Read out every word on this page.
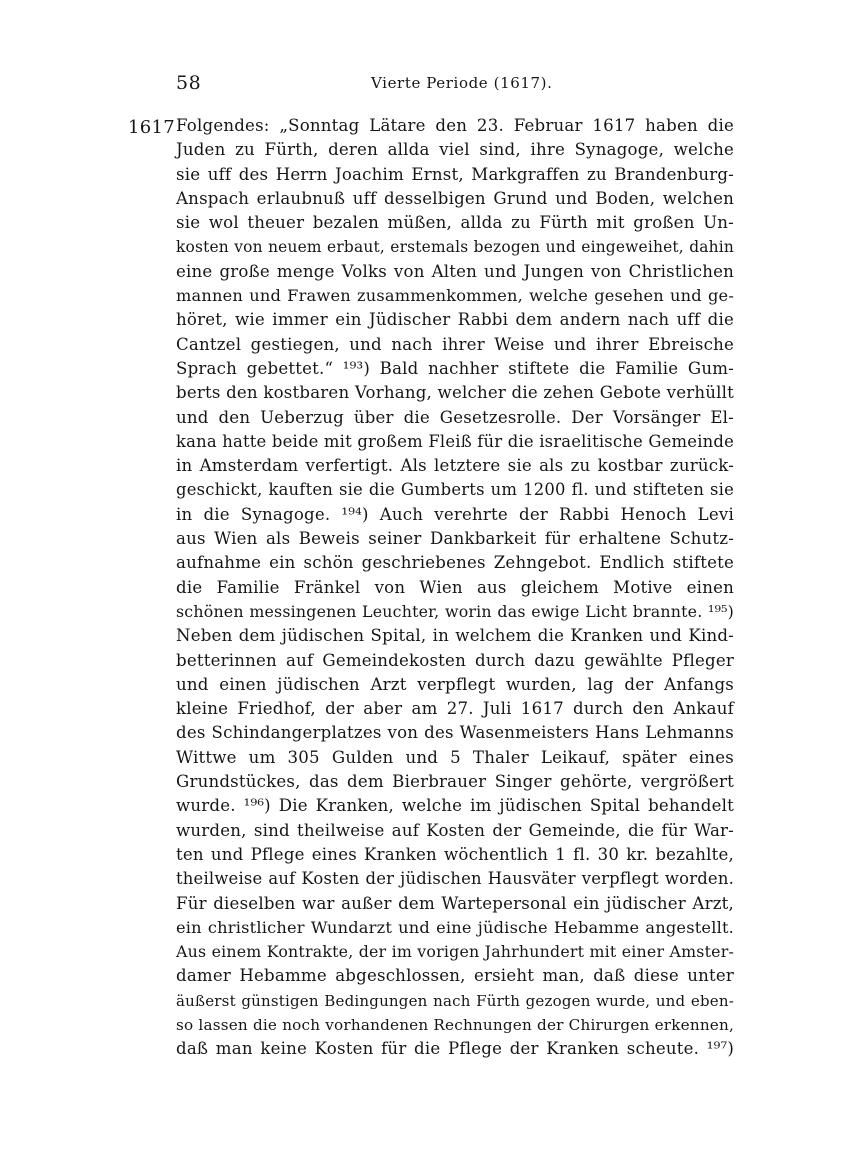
58	Vierte Periode (1617).
1617 Folgendes: „Sonntag Lätare den 23. Februar 1617 haben die
Juden zu Fürth, deren allda viel sind, ihre Synagoge, welche
sie uff des Herrn Joachim Ernst, Markgraffen zu Brandenburg-
Anspach erlaubnuß uff desselbigen Grund und Boden, welchen
sie wol theuer bezalen müßen, allda zu Fürth mit großen Un-
kosten von neuem erbaut, erstemals bezogen und eingeweihet, dahin
eine große menge Volks von Alten und Jungen von Christlichen
mannen und Frawen zusammenkommen, welche gesehen und ge-
höret, wie immer ein Jüdischer Rabbi dem andern nach uff die
Cantzel gestiegen, und nach ihrer Weise und ihrer Ebreische
Sprach gebettet.“ ¹⁹³) Bald nachher stiftete die Familie Gum-
berts den kostbaren Vorhang, welcher die zehen Gebote verhüllt
und den Ueberzug über die Gesetzesrolle. Der Vorsänger El-
kana hatte beide mit großem Fleiß für die israelitische Gemeinde
in Amsterdam verfertigt. Als letztere sie als zu kostbar zurück-
geschickt, kauften sie die Gumberts um 1200 fl. und stifteten sie
in die Synagoge. ¹⁹⁴) Auch verehrte der Rabbi Henoch Levi
aus Wien als Beweis seiner Dankbarkeit für erhaltene Schutz-
aufnahme ein schön geschriebenes Zehngebot. Endlich stiftete
die Familie Fränkel von Wien aus gleichem Motive einen
schönen messingenen Leuchter, worin das ewige Licht brannte. ¹⁹⁵)
Neben dem jüdischen Spital, in welchem die Kranken und Kind-
betterinnen auf Gemeindekosten durch dazu gewählte Pfleger
und einen jüdischen Arzt verpflegt wurden, lag der Anfangs
kleine Friedhof, der aber am 27. Juli 1617 durch den Ankauf
des Schindangerplatzes von des Wasenmeisters Hans Lehmanns
Wittwe um 305 Gulden und 5 Thaler Leikauf, später eines
Grundstückes, das dem Bierbrauer Singer gehörte, vergrößert
wurde. ¹⁹⁶) Die Kranken, welche im jüdischen Spital behandelt
wurden, sind theilweise auf Kosten der Gemeinde, die für War-
ten und Pflege eines Kranken wöchentlich 1 fl. 30 kr. bezahlte,
theilweise auf Kosten der jüdischen Hausväter verpflegt worden.
Für dieselben war außer dem Wartepersonal ein jüdischer Arzt,
ein christlicher Wundarzt und eine jüdische Hebamme angestellt.
Aus einem Kontrakte, der im vorigen Jahrhundert mit einer Amster-
damer Hebamme abgeschlossen, ersieht man, daß diese unter
äußerst günstigen Bedingungen nach Fürth gezogen wurde, und eben-
so lassen die noch vorhandenen Rechnungen der Chirurgen erkennen,
daß man keine Kosten für die Pflege der Kranken scheute. ¹⁹⁷)
